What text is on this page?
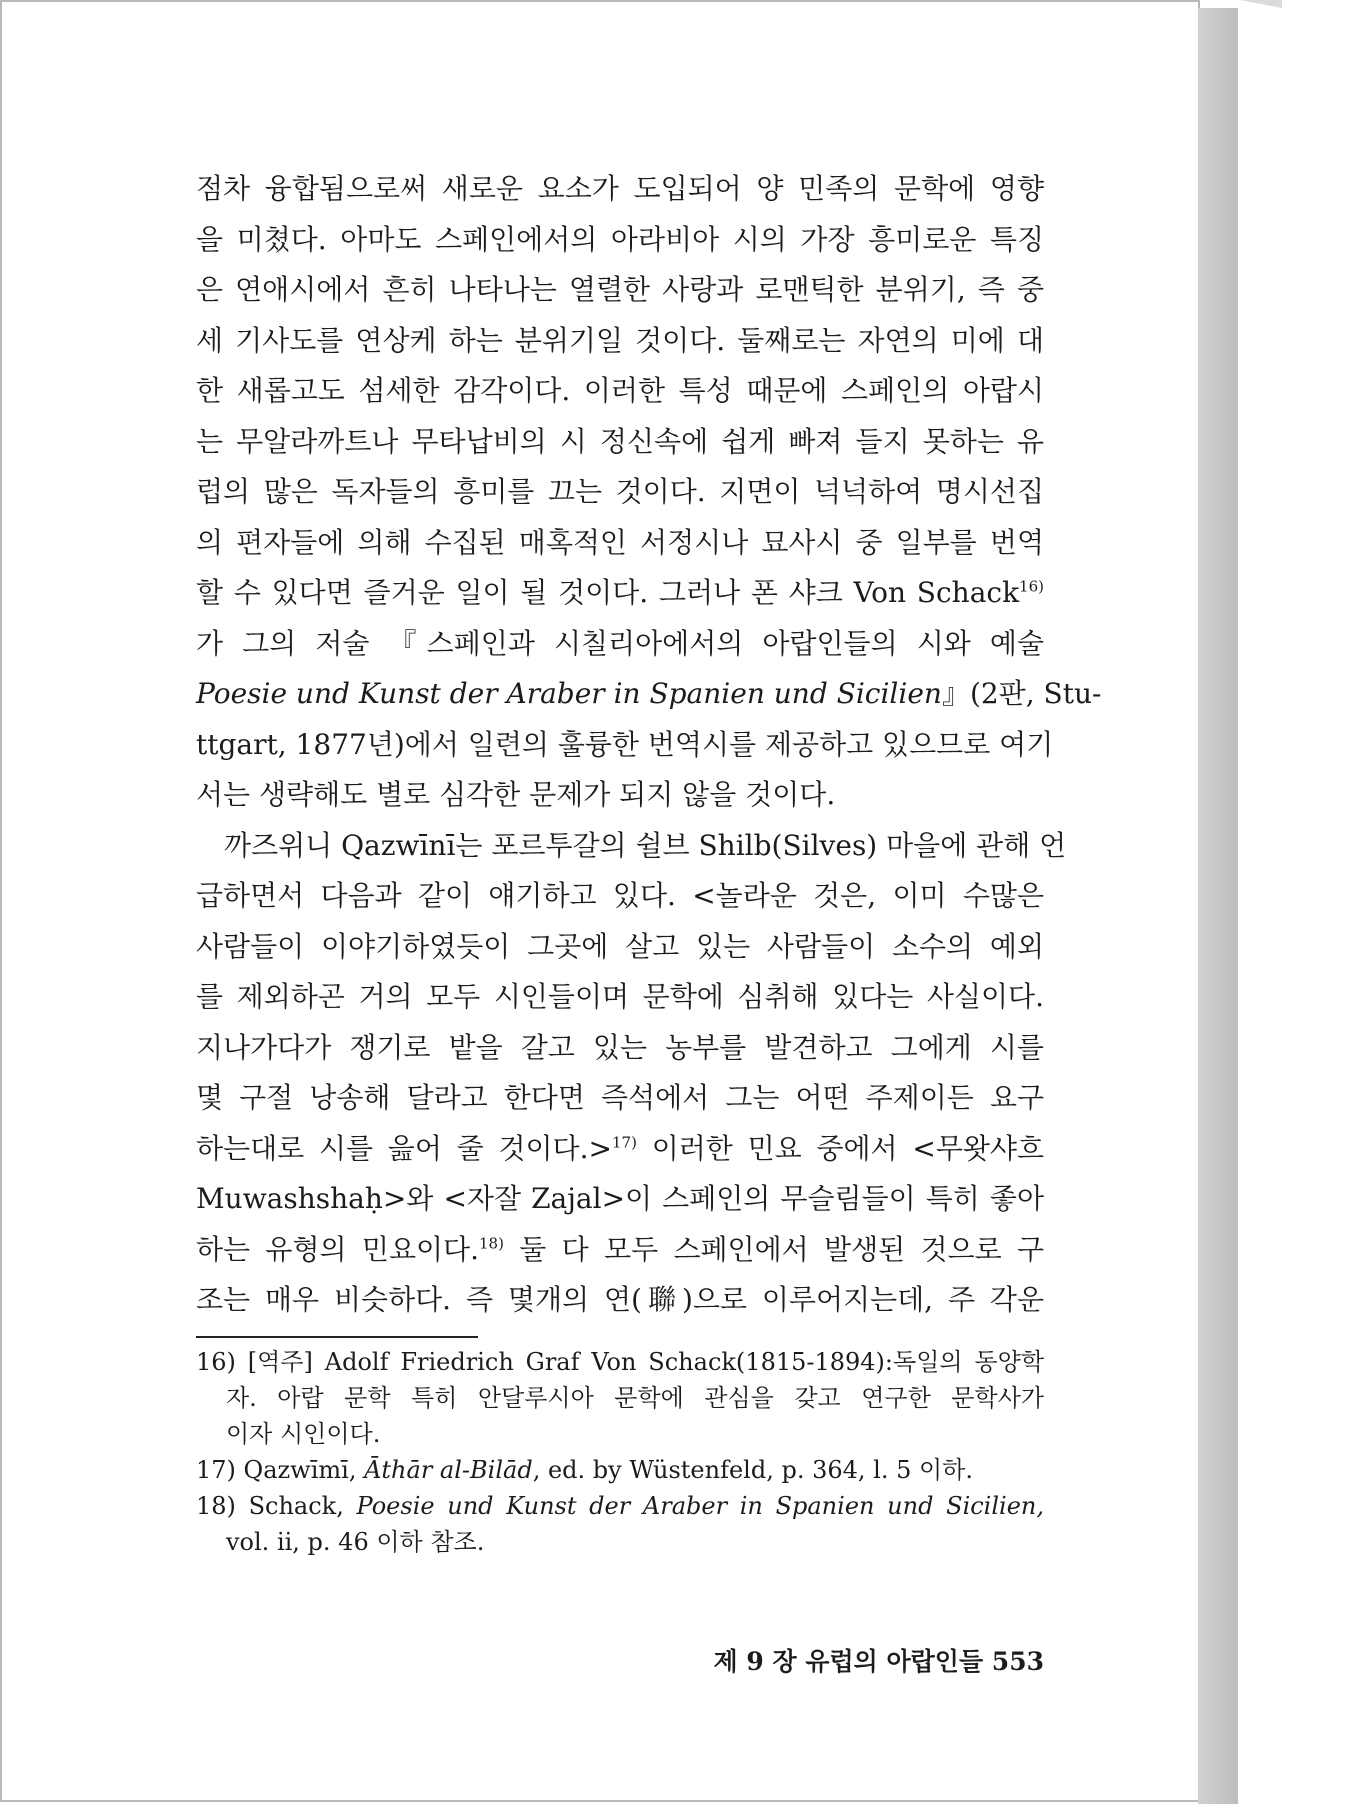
점차 융합됨으로써 새로운 요소가 도입되어 양 민족의 문학에 영향
을 미쳤다. 아마도 스페인에서의 아라비아 시의 가장 흥미로운 특징
은 연애시에서 흔히 나타나는 열렬한 사랑과 로맨틱한 분위기, 즉 중
세 기사도를 연상케 하는 분위기일 것이다. 둘째로는 자연의 미에 대
한 새롭고도 섬세한 감각이다. 이러한 특성 때문에 스페인의 아랍시
는 무알라까트나 무타납비의 시 정신속에 쉽게 빠져 들지 못하는 유
럽의 많은 독자들의 흥미를 끄는 것이다. 지면이 넉넉하여 명시선집
의 편자들에 의해 수집된 매혹적인 서정시나 묘사시 중 일부를 번역
할 수 있다면 즐거운 일이 될 것이다. 그러나 폰 샤크 Von Schack$^{16)}$
가 그의 저술 『스페인과 시칠리아에서의 아랍인들의 시와 예술
Poesie und Kunst der Araber in Spanien und Sicilien』(2판, Stu-
ttgart, 1877년)에서 일련의 훌륭한 번역시를 제공하고 있으므로 여기
서는 생략해도 별로 심각한 문제가 되지 않을 것이다.
　까즈위니 Qazwīnī는 포르투갈의 쉴브 Shilb(Silves) 마을에 관해 언
급하면서 다음과 같이 얘기하고 있다. <놀라운 것은, 이미 수많은
사람들이 이야기하였듯이 그곳에 살고 있는 사람들이 소수의 예외
를 제외하곤 거의 모두 시인들이며 문학에 심취해 있다는 사실이다.
지나가다가 쟁기로 밭을 갈고 있는 농부를 발견하고 그에게 시를
몇 구절 낭송해 달라고 한다면 즉석에서 그는 어떤 주제이든 요구
하는대로 시를 읊어 줄 것이다.>$^{17)}$ 이러한 민요 중에서 <무왓샤흐
Muwashshaḥ>와 <자잘 Zajal>이 스페인의 무슬림들이 특히 좋아
하는 유형의 민요이다.$^{18)}$ 둘 다 모두 스페인에서 발생된 것으로 구
조는 매우 비슷하다. 즉 몇개의 연(聯)으로 이루어지는데, 주 각운
16) [역주] Adolf Friedrich Graf Von Schack(1815-1894):독일의 동양학
자. 아랍 문학 특히 안달루시아 문학에 관심을 갖고 연구한 문학사가
이자 시인이다.
17) Qazwīmī, Āthār al-Bilād, ed. by Wüstenfeld, p. 364, l. 5 이하.
18) Schack, Poesie und Kunst der Araber in Spanien und Sicilien,
vol. ii, p. 46 이하 참조.
제 9 장 유럽의 아랍인들 553
